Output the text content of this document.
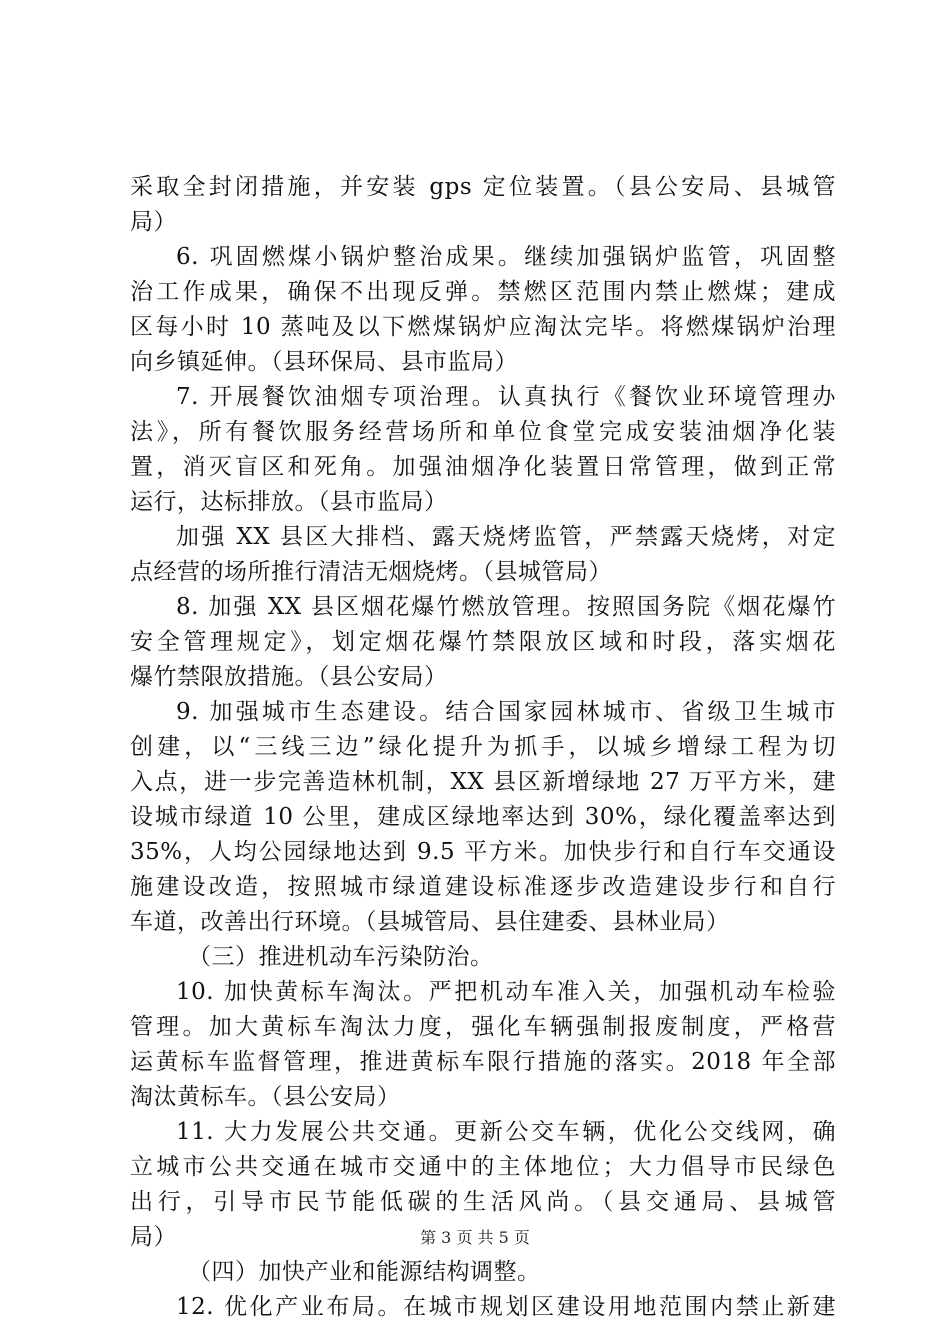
采取全封闭措施，并安装 gps 定位装置。（县公安局、县城管
局）
6. 巩固燃煤小锅炉整治成果。继续加强锅炉监管，巩固整
治工作成果，确保不出现反弹。禁燃区范围内禁止燃煤；建成
区每小时 10 蒸吨及以下燃煤锅炉应淘汰完毕。将燃煤锅炉治理
向乡镇延伸。（县环保局、县市监局）
7. 开展餐饮油烟专项治理。认真执行《餐饮业环境管理办
法》，所有餐饮服务经营场所和单位食堂完成安装油烟净化装
置，消灭盲区和死角。加强油烟净化装置日常管理，做到正常
运行，达标排放。（县市监局）
加强 XX 县区大排档、露天烧烤监管，严禁露天烧烤，对定
点经营的场所推行清洁无烟烧烤。（县城管局）
8. 加强 XX 县区烟花爆竹燃放管理。按照国务院《烟花爆竹
安全管理规定》，划定烟花爆竹禁限放区域和时段，落实烟花
爆竹禁限放措施。（县公安局）
9. 加强城市生态建设。结合国家园林城市、省级卫生城市
创建，以“三线三边”绿化提升为抓手，以城乡增绿工程为切
入点，进一步完善造林机制，XX 县区新增绿地 27 万平方米，建
设城市绿道 10 公里，建成区绿地率达到 30%，绿化覆盖率达到
35%，人均公园绿地达到 9.5 平方米。加快步行和自行车交通设
施建设改造，按照城市绿道建设标准逐步改造建设步行和自行
车道，改善出行环境。（县城管局、县住建委、县林业局）
（三）推进机动车污染防治。
10. 加快黄标车淘汰。严把机动车准入关，加强机动车检验
管理。加大黄标车淘汰力度，强化车辆强制报废制度，严格营
运黄标车监督管理，推进黄标车限行措施的落实。2018 年全部
淘汰黄标车。（县公安局）
11. 大力发展公共交通。更新公交车辆，优化公交线网，确
立城市公共交通在城市交通中的主体地位；大力倡导市民绿色
出行，引导市民节能低碳的生活风尚。（县交通局、县城管
局）
（四）加快产业和能源结构调整。
12. 优化产业布局。在城市规划区建设用地范围内禁止新建
第 3 页 共 5 页
